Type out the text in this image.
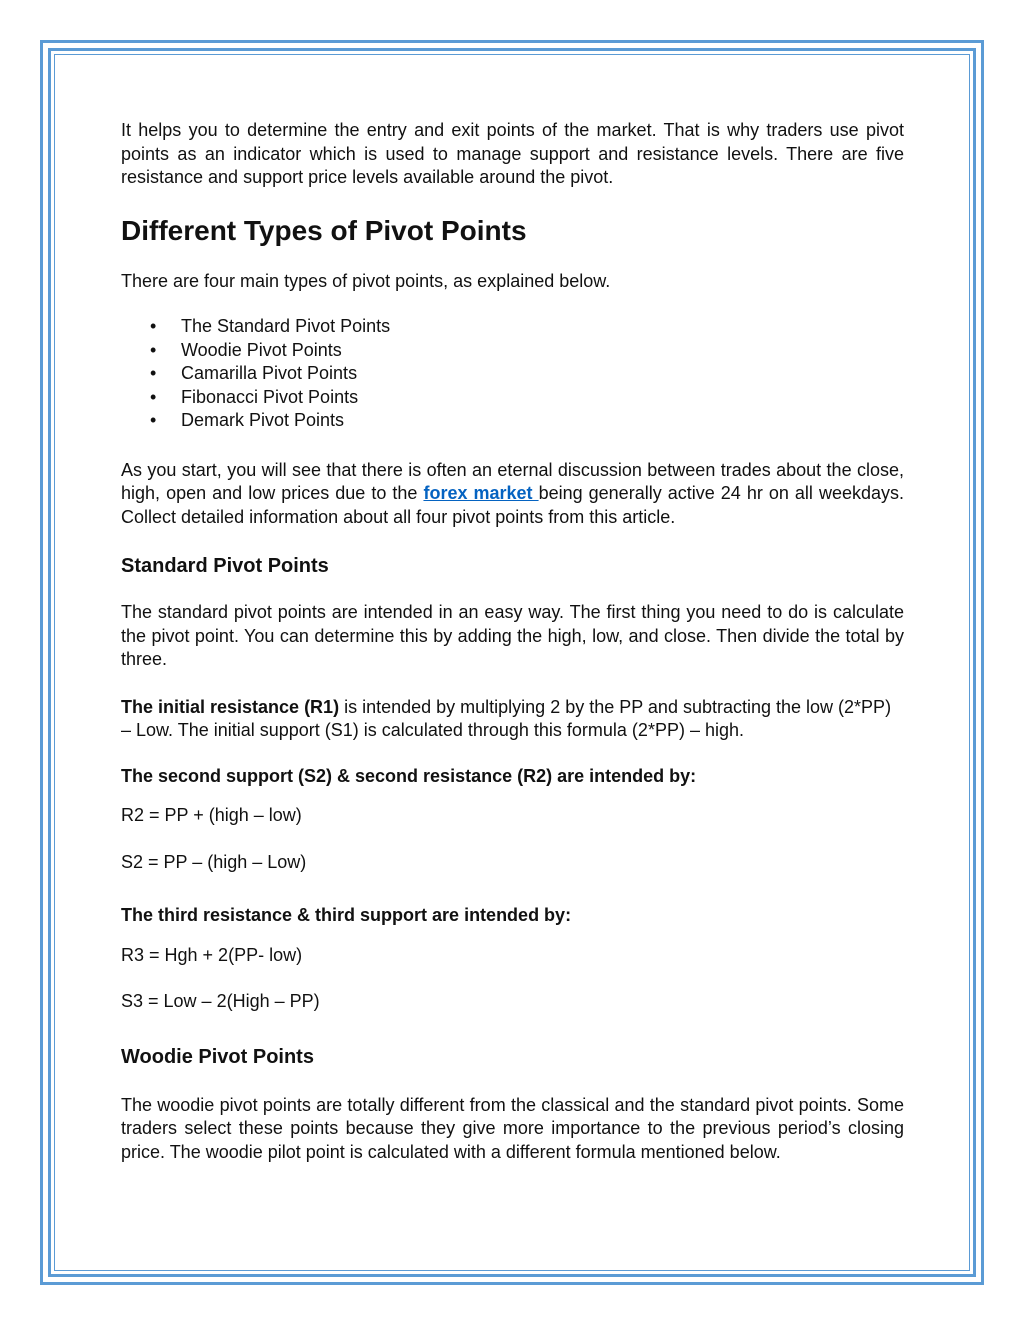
It helps you to determine the entry and exit points of the market. That is why traders use pivot points as an indicator which is used to manage support and resistance levels. There are five resistance and support price levels available around the pivot.

Different Types of Pivot Points

There are four main types of pivot points, as explained below.

• The Standard Pivot Points
• Woodie Pivot Points
• Camarilla Pivot Points
• Fibonacci Pivot Points
• Demark Pivot Points

As you start, you will see that there is often an eternal discussion between trades about the close, high, open and low prices due to the forex market being generally active 24 hr on all weekdays. Collect detailed information about all four pivot points from this article.

Standard Pivot Points

The standard pivot points are intended in an easy way. The first thing you need to do is calculate the pivot point. You can determine this by adding the high, low, and close. Then divide the total by three.

The initial resistance (R1) is intended by multiplying 2 by the PP and subtracting the low (2*PP) – Low. The initial support (S1) is calculated through this formula (2*PP) – high.

The second support (S2) & second resistance (R2) are intended by:

R2 = PP + (high – low)

S2 = PP – (high – Low)

The third resistance & third support are intended by:

R3 = Hgh + 2(PP- low)

S3 = Low – 2(High – PP)

Woodie Pivot Points

The woodie pivot points are totally different from the classical and the standard pivot points. Some traders select these points because they give more importance to the previous period’s closing price. The woodie pilot point is calculated with a different formula mentioned below.
